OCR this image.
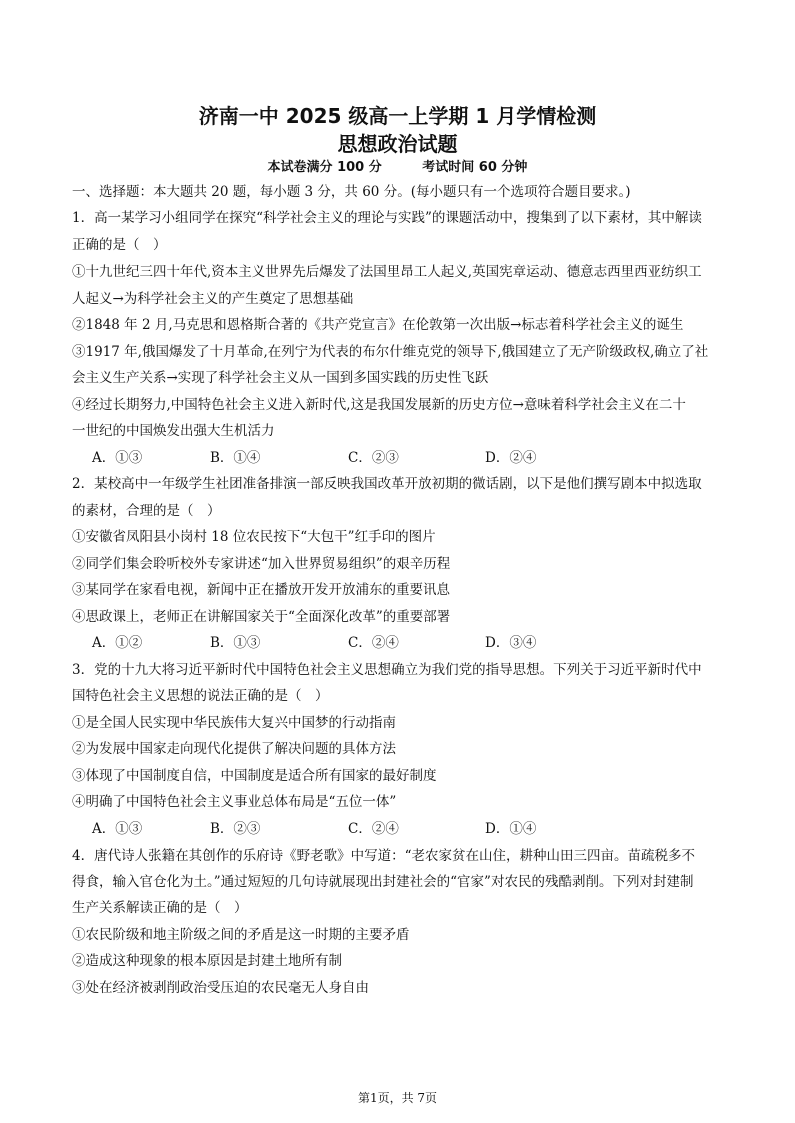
济南一中 2025 级高一上学期 1 月学情检测
思想政治试题
本试卷满分 100 分	考试时间 60 分钟
一、选择题：本大题共 20 题，每小题 3 分，共 60 分。(每小题只有一个选项符合题目要求。)
1．高一某学习小组同学在探究“科学社会主义的理论与实践”的课题活动中，搜集到了以下素材，其中解读
正确的是（　）
①十九世纪三四十年代,资本主义世界先后爆发了法国里昂工人起义,英国宪章运动、德意志西里西亚纺织工
人起义→为科学社会主义的产生奠定了思想基础
②1848 年 2 月,马克思和恩格斯合著的《共产党宣言》在伦敦第一次出版→标志着科学社会主义的诞生
③1917 年,俄国爆发了十月革命,在列宁为代表的布尔什维克党的领导下,俄国建立了无产阶级政权,确立了社
会主义生产关系→实现了科学社会主义从一国到多国实践的历史性飞跃
④经过长期努力,中国特色社会主义进入新时代,这是我国发展新的历史方位→意味着科学社会主义在二十
一世纪的中国焕发出强大生机活力
A．①③	B．①④	C．②③	D．②④
2．某校高中一年级学生社团准备排演一部反映我国改革开放初期的微话剧，以下是他们撰写剧本中拟选取
的素材，合理的是（　）
①安徽省凤阳县小岗村 18 位农民按下“大包干”红手印的图片
②同学们集会聆听校外专家讲述“加入世界贸易组织”的艰辛历程
③某同学在家看电视，新闻中正在播放开发开放浦东的重要讯息
④思政课上，老师正在讲解国家关于“全面深化改革”的重要部署
A．①②	B．①③	C．②④	D．③④
3．党的十九大将习近平新时代中国特色社会主义思想确立为我们党的指导思想。下列关于习近平新时代中
国特色社会主义思想的说法正确的是（　）
①是全国人民实现中华民族伟大复兴中国梦的行动指南
②为发展中国家走向现代化提供了解决问题的具体方法
③体现了中国制度自信，中国制度是适合所有国家的最好制度
④明确了中国特色社会主义事业总体布局是“五位一体”
A．①③	B．②③	C．②④	D．①④
4．唐代诗人张籍在其创作的乐府诗《野老歌》中写道：“老农家贫在山住，耕种山田三四亩。苗疏税多不
得食，输入官仓化为土。”通过短短的几句诗就展现出封建社会的“官家”对农民的残酷剥削。下列对封建制
生产关系解读正确的是（　）
①农民阶级和地主阶级之间的矛盾是这一时期的主要矛盾
②造成这种现象的根本原因是封建土地所有制
③处在经济被剥削政治受压迫的农民毫无人身自由
第1页，共 7页
